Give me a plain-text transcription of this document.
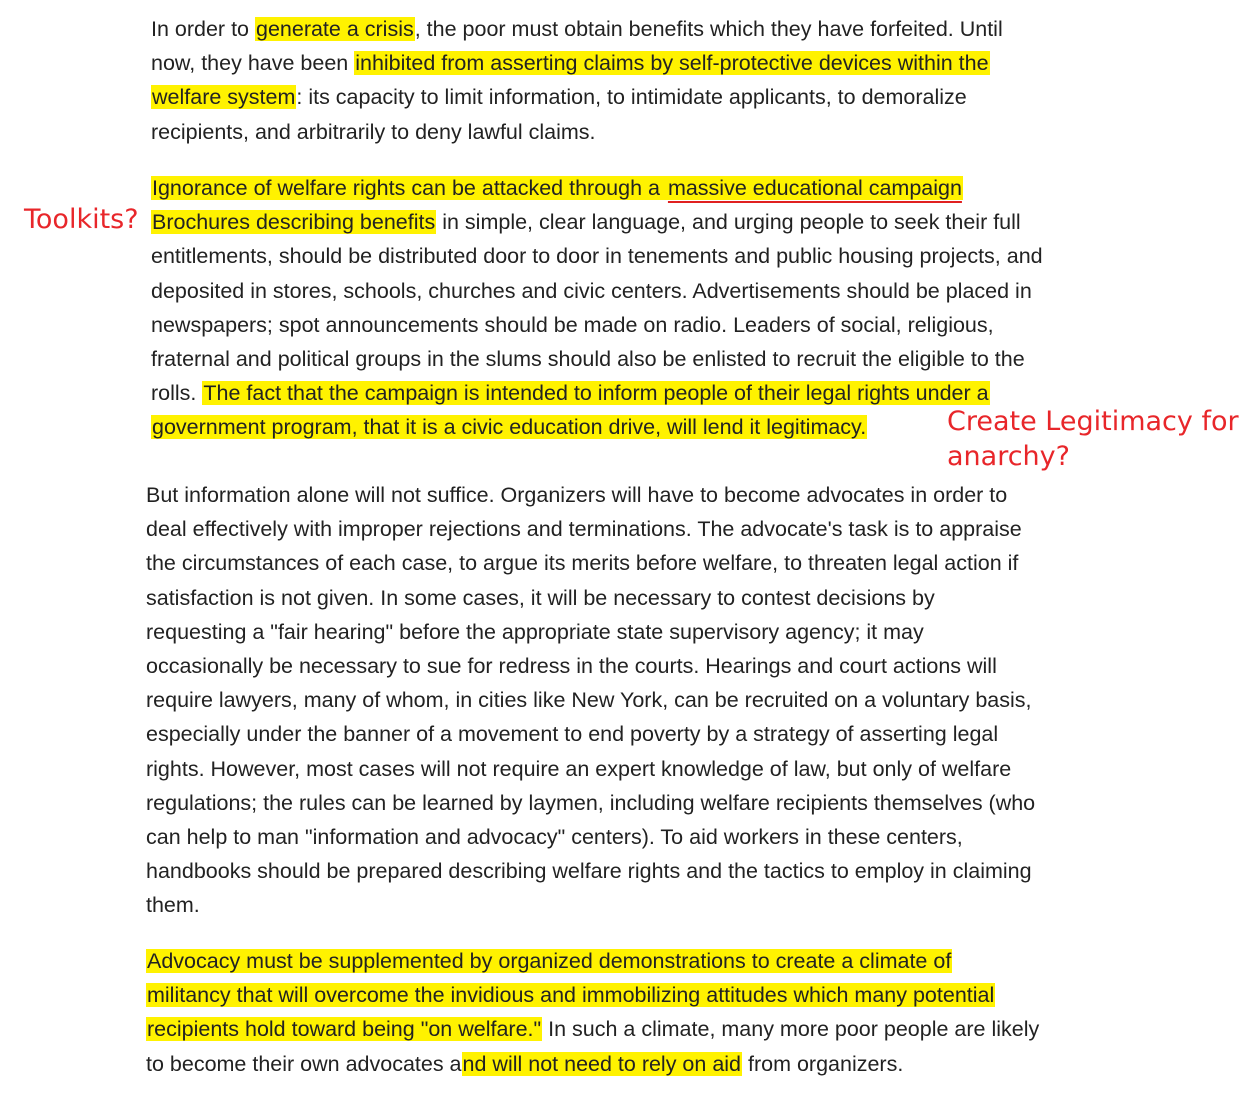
In order to generate a crisis, the poor must obtain benefits which they have forfeited. Until
now, they have been inhibited from asserting claims by self-protective devices within the
welfare system: its capacity to limit information, to intimidate applicants, to demoralize
recipients, and arbitrarily to deny lawful claims.
Ignorance of welfare rights can be attacked through a massive educational campaign
Brochures describing benefits in simple, clear language, and urging people to seek their full
entitlements, should be distributed door to door in tenements and public housing projects, and
deposited in stores, schools, churches and civic centers. Advertisements should be placed in
newspapers; spot announcements should be made on radio. Leaders of social, religious,
fraternal and political groups in the slums should also be enlisted to recruit the eligible to the
rolls. The fact that the campaign is intended to inform people of their legal rights under a
government program, that it is a civic education drive, will lend it legitimacy.
But information alone will not suffice. Organizers will have to become advocates in order to
deal effectively with improper rejections and terminations. The advocate's task is to appraise
the circumstances of each case, to argue its merits before welfare, to threaten legal action if
satisfaction is not given. In some cases, it will be necessary to contest decisions by
requesting a "fair hearing" before the appropriate state supervisory agency; it may
occasionally be necessary to sue for redress in the courts. Hearings and court actions will
require lawyers, many of whom, in cities like New York, can be recruited on a voluntary basis,
especially under the banner of a movement to end poverty by a strategy of asserting legal
rights. However, most cases will not require an expert knowledge of law, but only of welfare
regulations; the rules can be learned by laymen, including welfare recipients themselves (who
can help to man "information and advocacy" centers). To aid workers in these centers,
handbooks should be prepared describing welfare rights and the tactics to employ in claiming
them.
Advocacy must be supplemented by organized demonstrations to create a climate of
militancy that will overcome the invidious and immobilizing attitudes which many potential
recipients hold toward being "on welfare." In such a climate, many more poor people are likely
to become their own advocates and will not need to rely on aid from organizers.
Toolkits?
Create Legitimacy for
anarchy?
